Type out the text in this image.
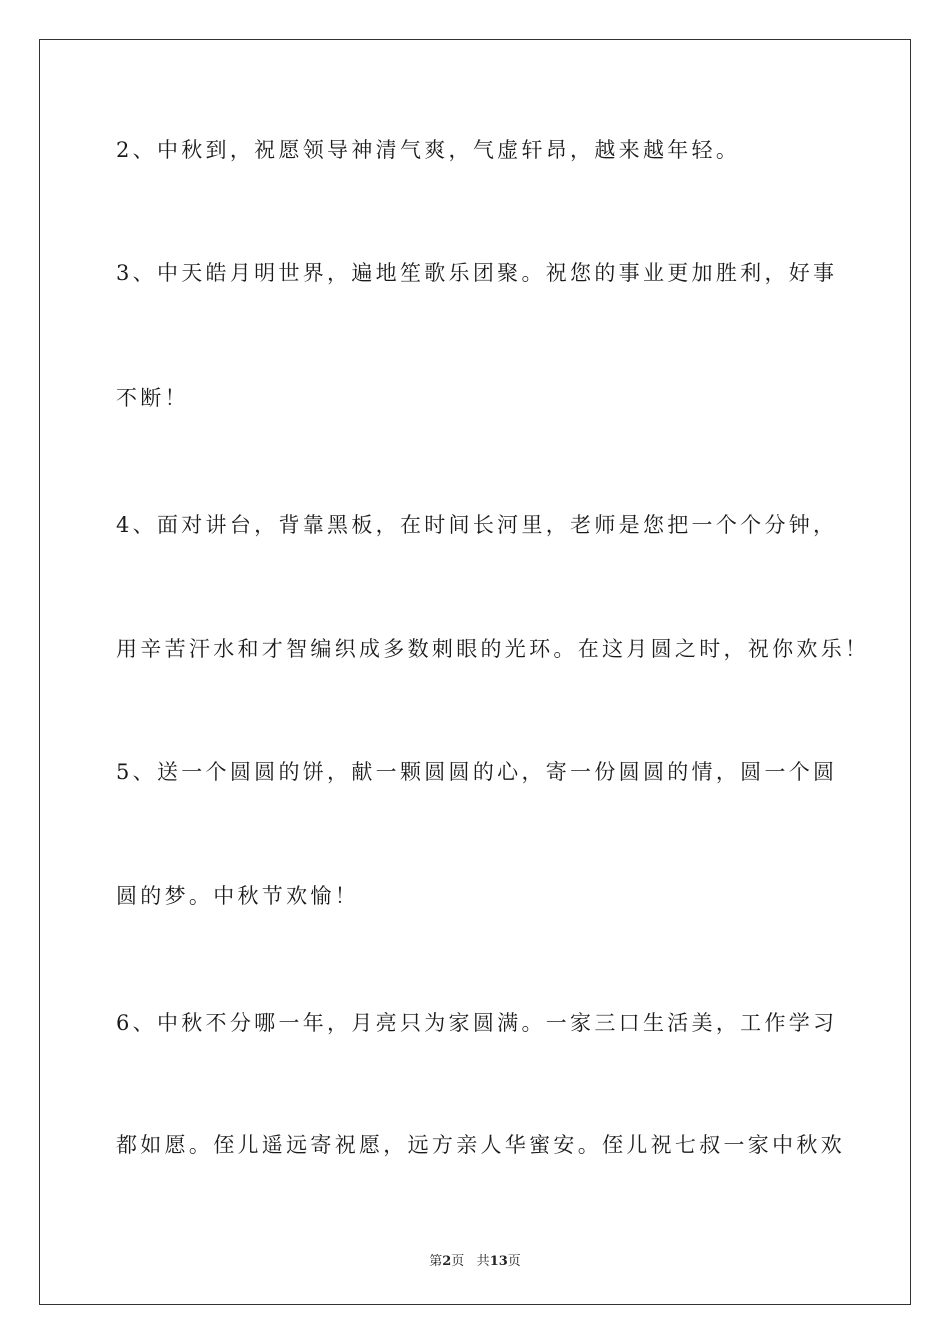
2、中秋到，祝愿领导神清气爽，气虚轩昂，越来越年轻。
3、中天皓月明世界，遍地笙歌乐团聚。祝您的事业更加胜利，好事
不断！
4、面对讲台，背靠黑板，在时间长河里，老师是您把一个个分钟，
用辛苦汗水和才智编织成多数刺眼的光环。在这月圆之时，祝你欢乐！
5、送一个圆圆的饼，献一颗圆圆的心，寄一份圆圆的情，圆一个圆
圆的梦。中秋节欢愉！
6、中秋不分哪一年，月亮只为家圆满。一家三口生活美，工作学习
都如愿。侄儿遥远寄祝愿，远方亲人华蜜安。侄儿祝七叔一家中秋欢
第2页 共13页
